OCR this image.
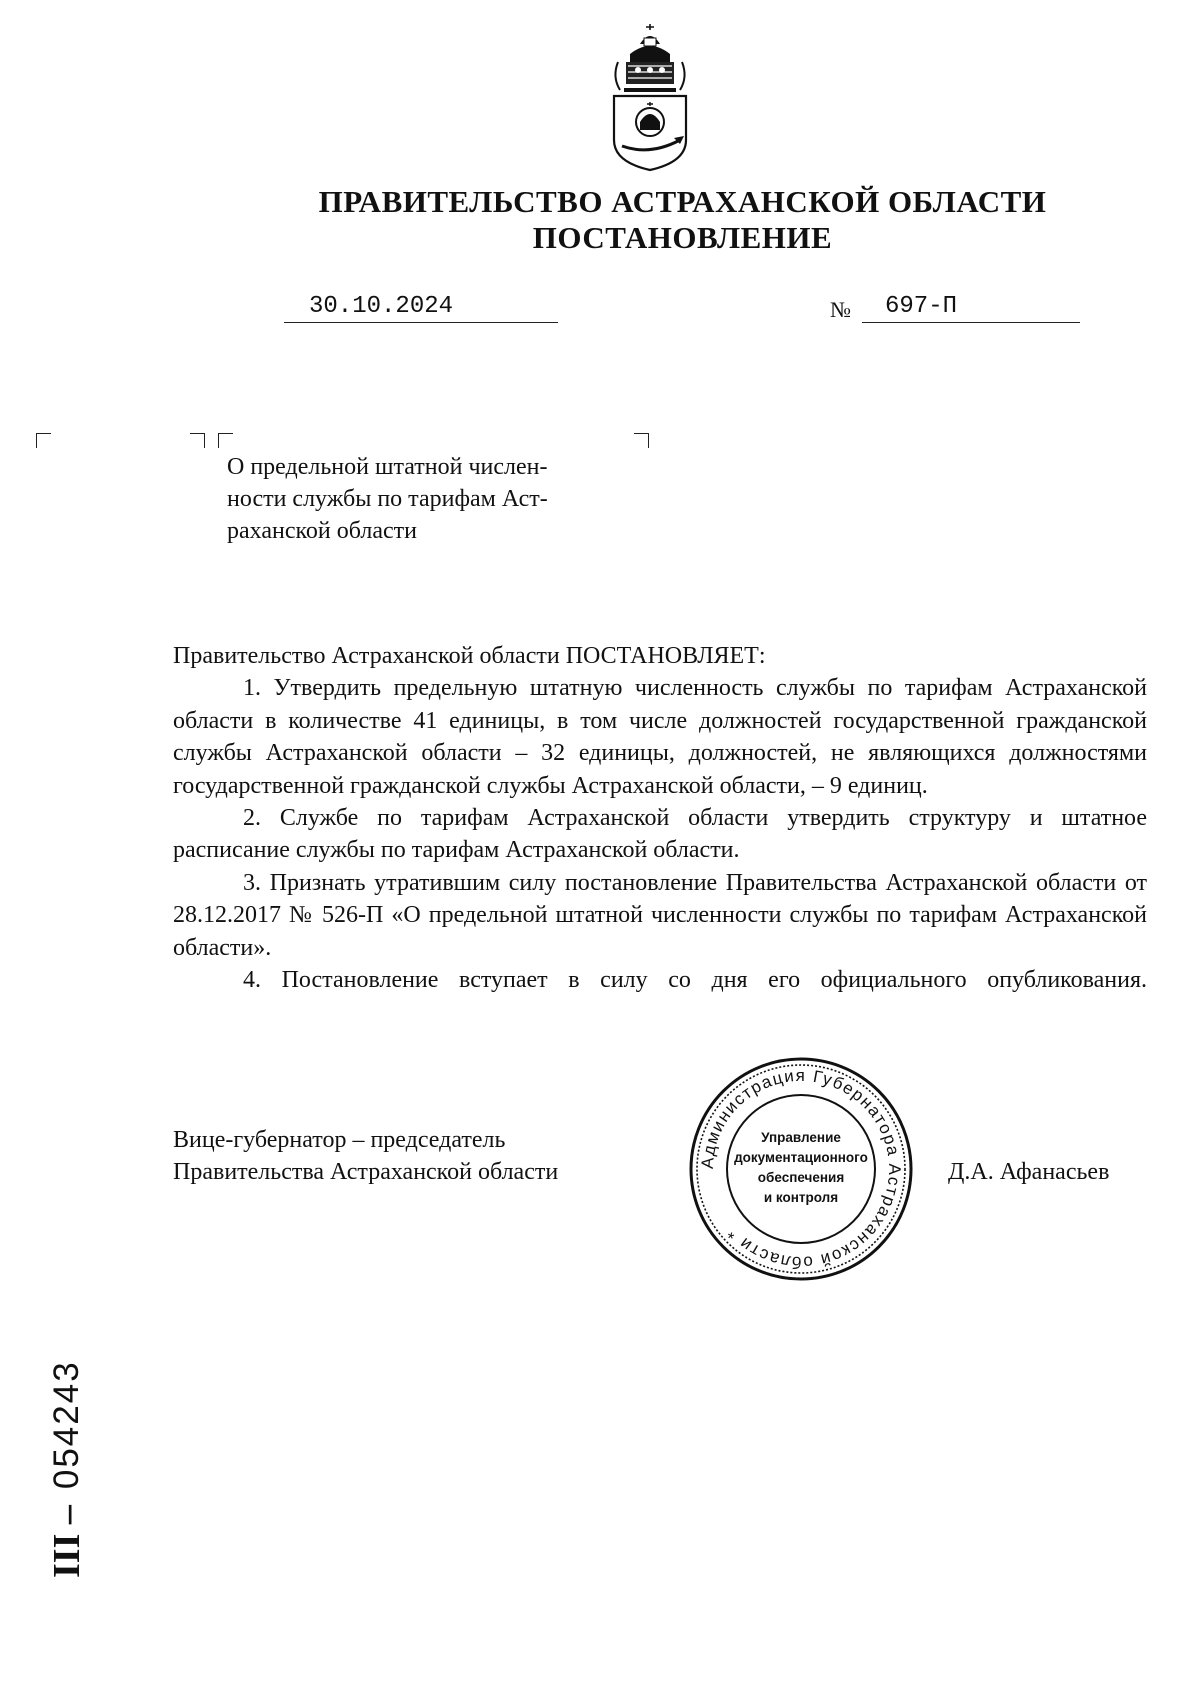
ПРАВИТЕЛЬСТВО АСТРАХАНСКОЙ ОБЛАСТИ
ПОСТАНОВЛЕНИЕ
30.10.2024	№ 697-П
О предельной штатной числен-
ности службы по тарифам Аст-
раханской области

Правительство Астраханской области ПОСТАНОВЛЯЕТ:

1. Утвердить предельную штатную численность службы по тарифам Астраханской области в количестве 41 единицы, в том числе должностей государственной гражданской службы Астраханской области – 32 единицы, должностей, не являющихся должностями государственной гражданской службы Астраханской области, – 9 единиц.

2. Службе по тарифам Астраханской области утвердить структуру и штатное расписание службы по тарифам Астраханской области.

3. Признать утратившим силу постановление Правительства Астраханской области от 28.12.2017 № 526-П «О предельной штатной численности службы по тарифам Астраханской области».

4. Постановление вступает в силу со дня его официального опубликования.

Вице-губернатор – председатель
Правительства Астраханской области	Д.А. Афанасьев
Администрация Губернатора Астраханской области *
Управление
документационного
обеспечения
и контроля
ІІІ –
054243
